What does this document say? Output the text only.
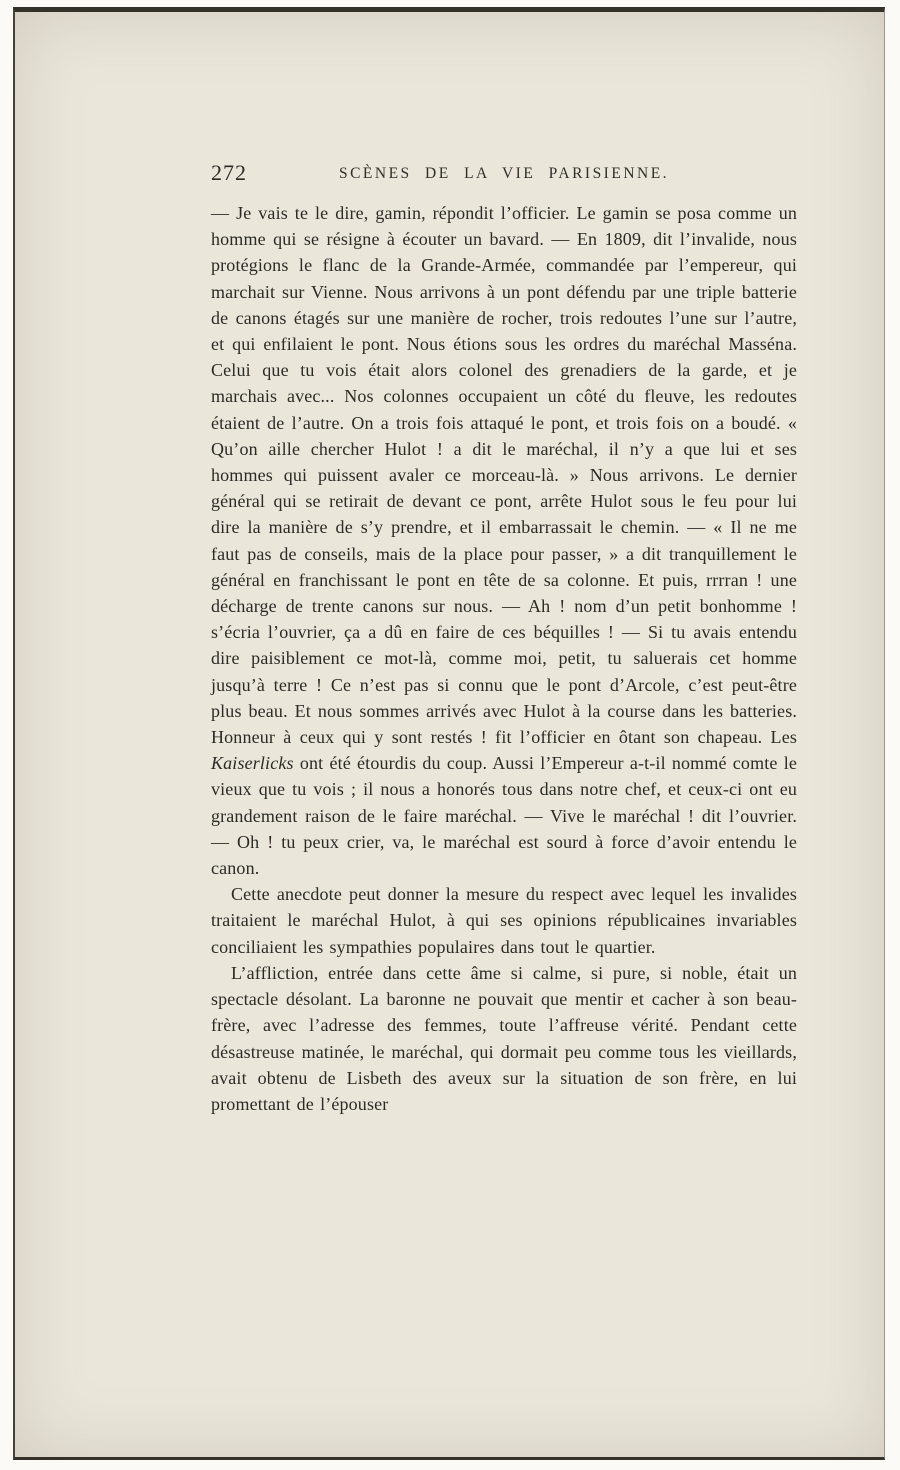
272	SCÈNES DE LA VIE PARISIENNE.

— Je vais te le dire, gamin, répondit l’officier. Le gamin se posa comme un homme qui se résigne à écouter un bavard. — En 1809, dit l’invalide, nous protégions le flanc de la Grande-Armée, commandée par l’empereur, qui marchait sur Vienne. Nous arrivons à un pont défendu par une triple batterie de canons étagés sur une manière de rocher, trois redoutes l’une sur l’autre, et qui enfilaient le pont. Nous étions sous les ordres du maréchal Masséna. Celui que tu vois était alors colonel des grenadiers de la garde, et je marchais avec... Nos colonnes occupaient un côté du fleuve, les redoutes étaient de l’autre. On a trois fois attaqué le pont, et trois fois on a boudé. « Qu’on aille chercher Hulot ! a dit le maréchal, il n’y a que lui et ses hommes qui puissent avaler ce morceau-là. » Nous arrivons. Le dernier général qui se retirait de devant ce pont, arrête Hulot sous le feu pour lui dire la manière de s’y prendre, et il embarrassait le chemin. — « Il ne me faut pas de conseils, mais de la place pour passer, » a dit tranquillement le général en franchissant le pont en tête de sa colonne. Et puis, rrrran ! une décharge de trente canons sur nous. — Ah ! nom d’un petit bonhomme ! s’écria l’ouvrier, ça a dû en faire de ces béquilles ! — Si tu avais entendu dire paisiblement ce mot-là, comme moi, petit, tu saluerais cet homme jusqu’à terre ! Ce n’est pas si connu que le pont d’Arcole, c’est peut-être plus beau. Et nous sommes arrivés avec Hulot à la course dans les batteries. Honneur à ceux qui y sont restés ! fit l’officier en ôtant son chapeau. Les Kaiserlicks ont été étourdis du coup. Aussi l’Empereur a-t-il nommé comte le vieux que tu vois ; il nous a honorés tous dans notre chef, et ceux-ci ont eu grandement raison de le faire maréchal. — Vive le maréchal ! dit l’ouvrier. — Oh ! tu peux crier, va, le maréchal est sourd à force d’avoir entendu le canon.

Cette anecdote peut donner la mesure du respect avec lequel les invalides traitaient le maréchal Hulot, à qui ses opinions républicaines invariables conciliaient les sympathies populaires dans tout le quartier.

L’affliction, entrée dans cette âme si calme, si pure, si noble, était un spectacle désolant. La baronne ne pouvait que mentir et cacher à son beau-frère, avec l’adresse des femmes, toute l’affreuse vérité. Pendant cette désastreuse matinée, le maréchal, qui dormait peu comme tous les vieillards, avait obtenu de Lisbeth des aveux sur la situation de son frère, en lui promettant de l’épouser
